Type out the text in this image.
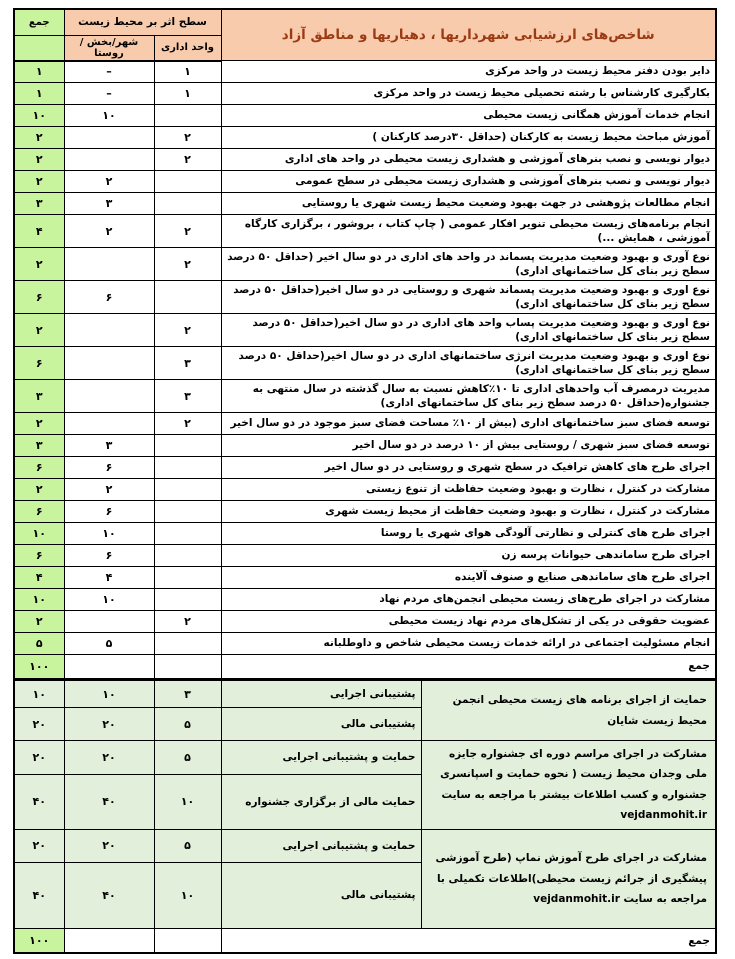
شاخص‌های ارزشیابی شهرداریها ، دهیاریها و مناطق آزاد		سطح اثر بر محیط زیست		جمع
		واحد اداری	شهر/بخش /روستا	
دایر بودن دفتر محیط زیست در واحد مرکزی		۱	–	۱
بکارگیری کارشناس با رشته تحصیلی محیط زیست در واحد مرکزی		۱	–	۱
انجام خدمات آموزش همگانی زیست محیطی			۱۰	۱۰
آموزش مباحث محیط زیست به کارکنان (حداقل ۳۰درصد کارکنان )		۲		۲
دیوار نویسی و نصب بنرهای آموزشی و هشداری زیست محیطی در واحد های اداری		۲		۲
دیوار نویسی و نصب بنرهای آموزشی و هشداری زیست محیطی در سطح عمومی			۲	۲
انجام مطالعات پژوهشی در جهت بهبود وضعیت محیط زیست شهری یا روستایی			۳	۳
انجام برنامه‌های زیست محیطی تنویر افکار عمومی ( چاپ کتاب ، بروشور ، برگزاری کارگاه آموزشی ، همایش ...)		۲	۲	۴
نوع آوری و بهبود وضعیت مدیریت پسماند در واحد های اداری در دو سال اخیر (حداقل ۵۰ درصد سطح زیر بنای کل ساختمانهای اداری)		۲		۲
نوع اوری و بهبود وضعیت مدیریت پسماند شهری و روستایی در دو سال اخیر(حداقل ۵۰ درصد سطح زیر بنای کل ساختمانهای اداری)			۶	۶
نوع اوری و بهبود وضعیت مدیریت پساب واحد های اداری در دو سال اخیر(حداقل ۵۰ درصد سطح زیر بنای کل ساختمانهای اداری)		۲		۲
نوع اوری و بهبود وضعیت مدیریت انرژی ساختمانهای اداری در دو سال اخیر(حداقل ۵۰ درصد سطح زیر بنای کل ساختمانهای اداری)		۳		۶
مدیریت درمصرف آب واحدهای اداری تا ۱۰٪کاهش نسبت به سال گذشته در سال منتهی به جشنواره(حداقل ۵۰ درصد سطح زیر بنای کل ساختمانهای اداری)		۳		۳
توسعه فضای سبز ساختمانهای اداری (بیش از ۱۰٪ مساحت فضای سبز موجود در دو سال اخیر		۲		۲
توسعه فضای سبز شهری / روستایی بیش از ۱۰ درصد در دو سال اخیر			۳	۳
اجرای طرح های کاهش ترافیک در سطح شهری و روستایی در دو سال اخیر			۶	۶
مشارکت در کنترل ، نظارت و بهبود وضعیت حفاظت از تنوع زیستی			۲	۲
مشارکت در کنترل ، نظارت و بهبود وضعیت حفاظت از محیط زیست شهری			۶	۶
اجرای طرح های کنترلی و نظارتی آلودگی هوای شهری یا روستا			۱۰	۱۰
اجرای طرح ساماندهی حیوانات پرسه زن			۶	۶
اجرای طرح های ساماندهی صنایع و صنوف آلاینده			۴	۴
مشارکت در اجرای طرح‌های زیست محیطی انجمن‌های مردم نهاد			۱۰	۱۰
عضویت حقوقی در یکی از تشکل‌های مردم نهاد زیست محیطی		۲		۲
انجام مسئولیت اجتماعی در ارائه خدمات زیست محیطی شاخص و داوطلبانه			۵	۵
جمع				۱۰۰
حمایت از اجرای برنامه های زیست محیطی انجمن محیط زیست شایان	پشتیبانی اجرایی	۳	۱۰	۱۰
	پشتیبانی مالی	۵	۲۰	۲۰
مشارکت در اجرای مراسم دوره ای جشنواره جایزه ملی وجدان محیط زیست ( نحوه حمایت و اسپانسری جشنواره و کسب اطلاعات بیشتر با مراجعه به سایت vejdanmohit.ir	حمایت و پشتیبانی اجرایی	۵	۲۰	۲۰
	حمایت مالی از برگزاری جشنواره	۱۰	۴۰	۴۰
مشارکت در اجرای طرح آموزش نماپ (طرح آموزشی پیشگیری از جرائم زیست محیطی)اطلاعات تکمیلی با مراجعه به سایت vejdanmohit.ir	حمایت و پشتیبانی اجرایی	۵	۲۰	۲۰
	پشتیبانی مالی	۱۰	۴۰	۴۰
جمع				۱۰۰
